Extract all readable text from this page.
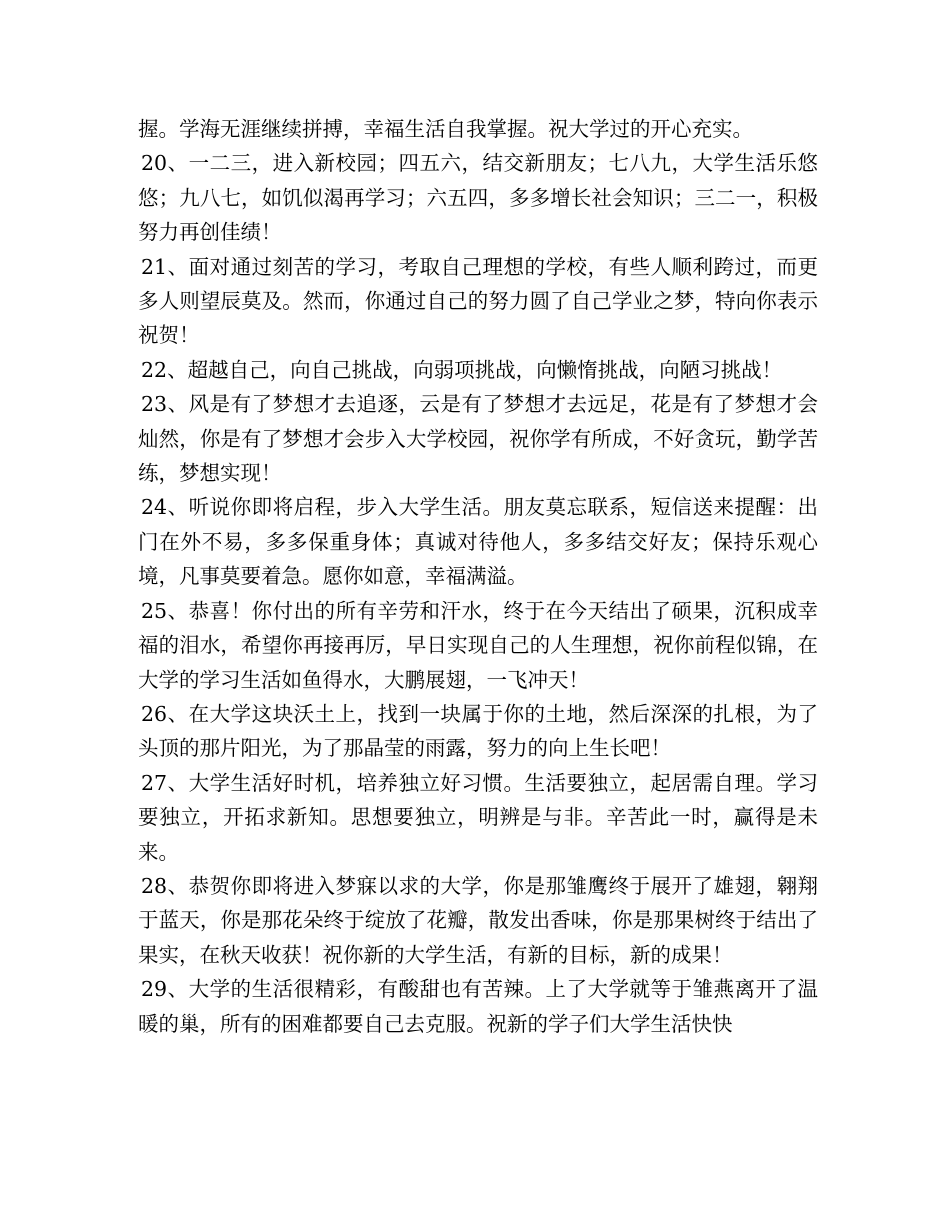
握。学海无涯继续拼搏，幸福生活自我掌握。祝大学过的开心充实。

20、一二三，进入新校园；四五六，结交新朋友；七八九，大学生活乐悠悠；九八七，如饥似渴再学习；六五四，多多增长社会知识；三二一，积极努力再创佳绩！

21、面对通过刻苦的学习，考取自己理想的学校，有些人顺利跨过，而更多人则望辰莫及。然而，你通过自己的努力圆了自己学业之梦，特向你表示祝贺！

22、超越自己，向自己挑战，向弱项挑战，向懒惰挑战，向陋习挑战！

23、风是有了梦想才去追逐，云是有了梦想才去远足，花是有了梦想才会灿然，你是有了梦想才会步入大学校园，祝你学有所成，不好贪玩，勤学苦练，梦想实现！

24、听说你即将启程，步入大学生活。朋友莫忘联系，短信送来提醒：出门在外不易，多多保重身体；真诚对待他人，多多结交好友；保持乐观心境，凡事莫要着急。愿你如意，幸福满溢。

25、恭喜！你付出的所有辛劳和汗水，终于在今天结出了硕果，沉积成幸福的泪水，希望你再接再厉，早日实现自己的人生理想，祝你前程似锦，在大学的学习生活如鱼得水，大鹏展翅，一飞冲天！

26、在大学这块沃土上，找到一块属于你的土地，然后深深的扎根，为了头顶的那片阳光，为了那晶莹的雨露，努力的向上生长吧！

27、大学生活好时机，培养独立好习惯。生活要独立，起居需自理。学习要独立，开拓求新知。思想要独立，明辨是与非。辛苦此一时，赢得是未来。

28、恭贺你即将进入梦寐以求的大学，你是那雏鹰终于展开了雄翅，翱翔于蓝天，你是那花朵终于绽放了花瓣，散发出香味，你是那果树终于结出了果实，在秋天收获！祝你新的大学生活，有新的目标，新的成果！

29、大学的生活很精彩，有酸甜也有苦辣。上了大学就等于雏燕离开了温暖的巢，所有的困难都要自己去克服。祝新的学子们大学生活快快
